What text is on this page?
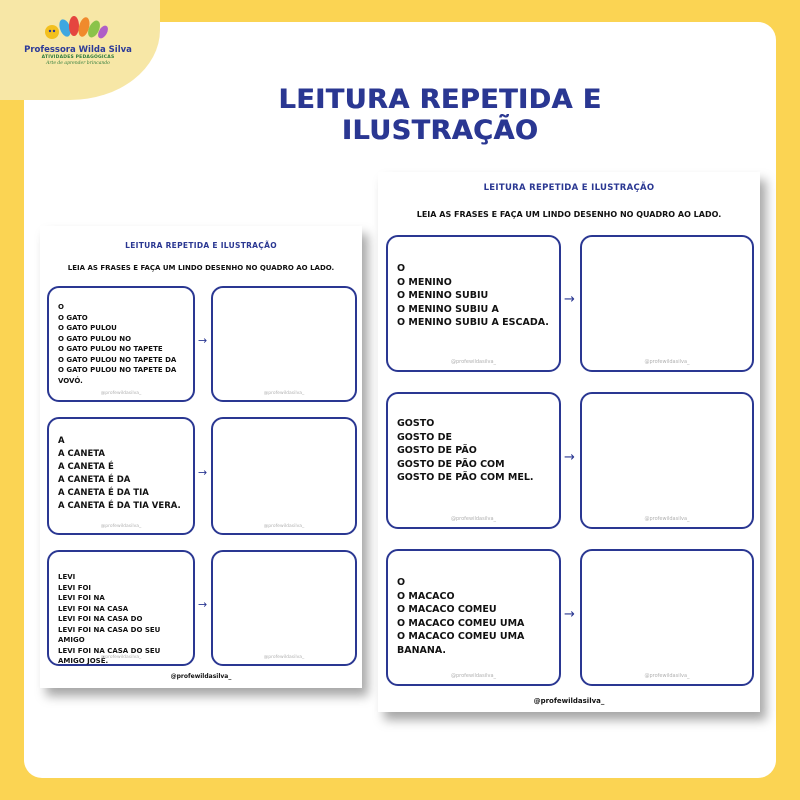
Professora Wilda Silva
ATIVIDADES PEDAGÓGICAS
Arte de aprender brincando
LEITURA REPETIDA E ILUSTRAÇÃO
LEITURA REPETIDA E ILUSTRAÇÃO
LEIA AS FRASES E FAÇA UM LINDO DESENHO NO QUADRO AO LADO.
O
O GATO
O GATO PULOU
O GATO PULOU NO
O GATO PULOU NO TAPETE
O GATO PULOU NO TAPETE DA
O GATO PULOU NO TAPETE DA VOVÓ.
@profewildasilva_
→
@profewildasilva_
A
A CANETA
A CANETA É
A CANETA É DA
A CANETA É DA TIA
A CANETA É DA TIA VERA.
@profewildasilva_
→
@profewildasilva_
LEVI
LEVI FOI
LEVI FOI NA
LEVI FOI NA CASA
LEVI FOI NA CASA DO
LEVI FOI NA CASA DO SEU AMIGO
LEVI FOI NA CASA DO SEU AMIGO JOSÉ.
@profewildasilva_
→
@profewildasilva_
@profewildasilva_
LEITURA REPETIDA E ILUSTRAÇÃO
LEIA AS FRASES E FAÇA UM LINDO DESENHO NO QUADRO AO LADO.
O
O MENINO
O MENINO SUBIU
O MENINO SUBIU A
O MENINO SUBIU A ESCADA.
@profewildasilva_
→
@profewildasilva_
GOSTO
GOSTO DE
GOSTO DE PÃO
GOSTO DE PÃO COM
GOSTO DE PÃO COM MEL.
@profewildasilva_
→
@profewildasilva_
O
O MACACO
O MACACO COMEU
O MACACO COMEU UMA
O MACACO COMEU UMA BANANA.
@profewildasilva_
→
@profewildasilva_
@profewildasilva_
